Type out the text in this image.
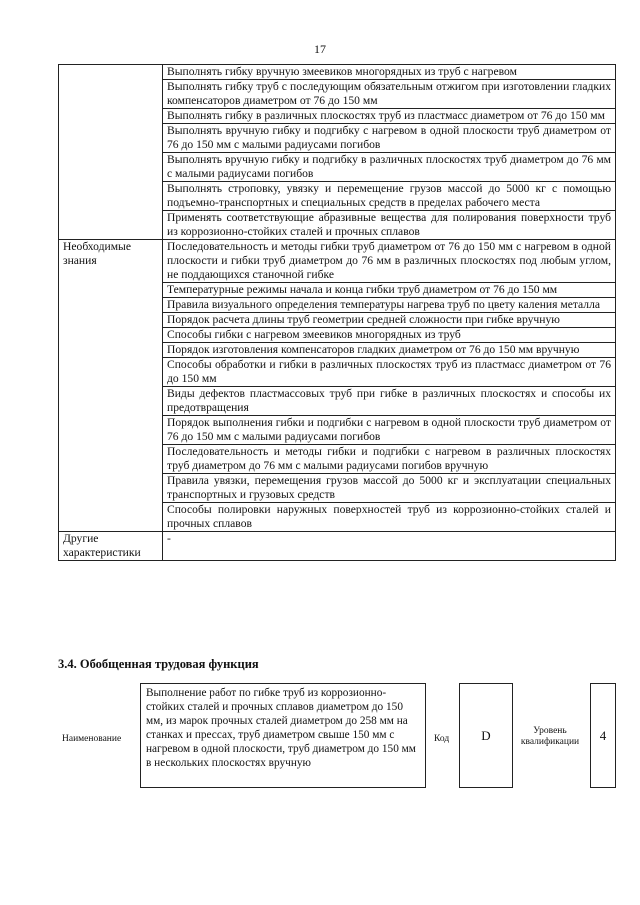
17
	Выполнять гибку вручную змеевиков многорядных из труб с нагревом
	Выполнять гибку труб с последующим обязательным отжигом при изготовлении гладких компенсаторов диаметром от 76 до 150 мм
	Выполнять гибку в различных плоскостях труб из пластмасс диаметром от 76 до 150 мм
	Выполнять вручную гибку и подгибку с нагревом в одной плоскости труб диаметром от 76 до 150 мм с малыми радиусами погибов
	Выполнять вручную гибку и подгибку в различных плоскостях труб диаметром до 76 мм с малыми радиусами погибов
	Выполнять строповку, увязку и перемещение грузов массой до 5000 кг с помощью подъемно-транспортных и специальных средств в пределах рабочего места
	Применять соответствующие абразивные вещества для полирования поверхности труб из коррозионно-стойких сталей и прочных сплавов
Необходимые знания	Последовательность и методы гибки труб диаметром от 76 до 150 мм с нагревом в одной плоскости и гибки труб диаметром до 76 мм в различных плоскостях под любым углом, не поддающихся станочной гибке
	Температурные режимы начала и конца гибки труб диаметром от 76 до 150 мм
	Правила визуального определения температуры нагрева труб по цвету каления металла
	Порядок расчета длины труб геометрии средней сложности при гибке вручную
	Способы гибки с нагревом змеевиков многорядных из труб
	Порядок изготовления компенсаторов гладких диаметром от 76 до 150 мм вручную
	Способы обработки и гибки в различных плоскостях труб из пластмасс диаметром от 76 до 150 мм
	Виды дефектов пластмассовых труб при гибке в различных плоскостях и способы их предотвращения
	Порядок выполнения гибки и подгибки с нагревом в одной плоскости труб диаметром от 76 до 150 мм с малыми радиусами погибов
	Последовательность и методы гибки и подгибки с нагревом в различных плоскостях труб диаметром до 76 мм с малыми радиусами погибов вручную
	Правила увязки, перемещения грузов массой до 5000 кг и эксплуатации специальных транспортных и грузовых средств
	Способы полировки наружных поверхностей труб из коррозионно-стойких сталей и прочных сплавов
Другие характеристики	-
3.4. Обобщенная трудовая функция
Наименование
Выполнение работ по гибке труб из коррозионно-стойких сталей и прочных сплавов диаметром до 150 мм, из марок прочных сталей диаметром до 258 мм на станках и прессах, труб диаметром свыше 150 мм с нагревом в одной плоскости, труб диаметром до 150 мм в нескольких плоскостях вручную
Код	D	Уровень квалификации	4
